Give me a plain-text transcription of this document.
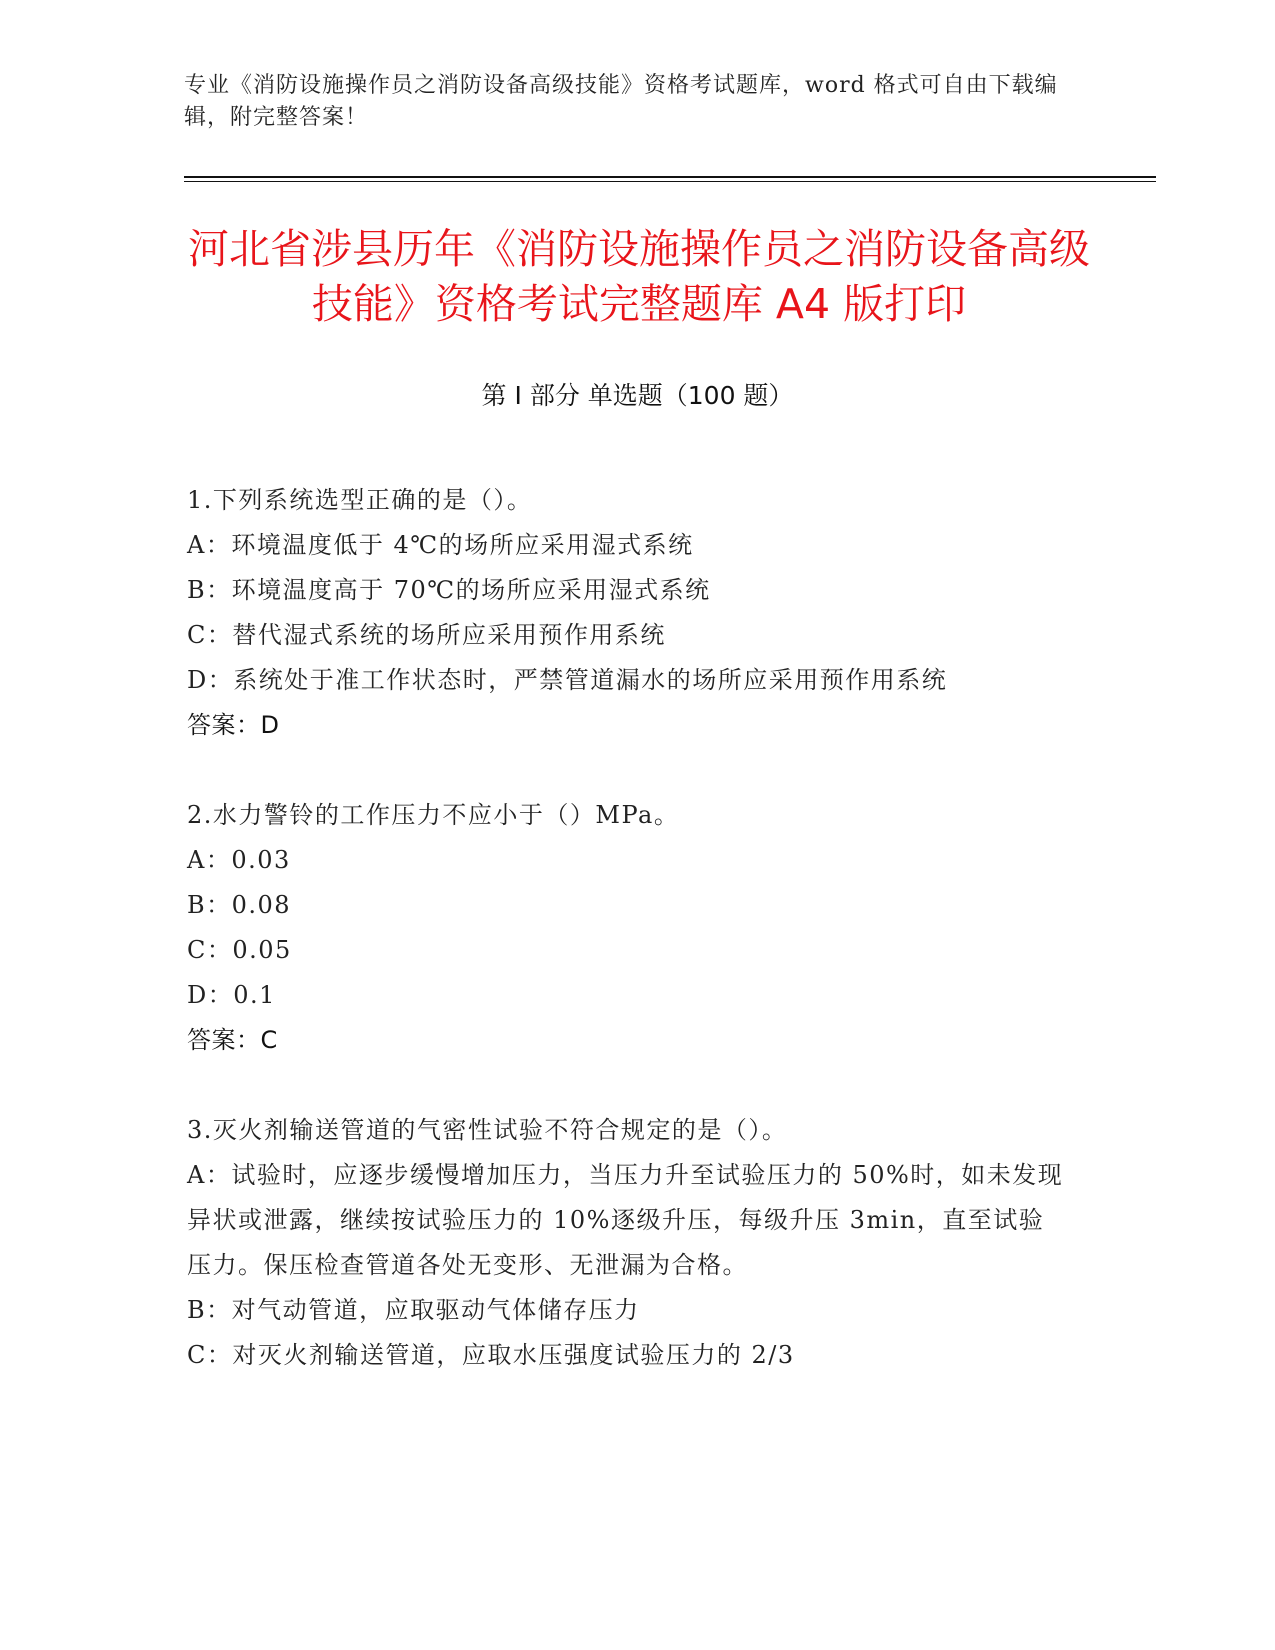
专业《消防设施操作员之消防设备高级技能》资格考试题库，word 格式可自由下载编辑，附完整答案！
河北省涉县历年《消防设施操作员之消防设备高级技能》资格考试完整题库 A4 版打印
第 I 部分 单选题（100 题）
1.下列系统选型正确的是（）。
A：环境温度低于 4℃的场所应采用湿式系统
B：环境温度高于 70℃的场所应采用湿式系统
C：替代湿式系统的场所应采用预作用系统
D：系统处于准工作状态时，严禁管道漏水的场所应采用预作用系统
答案：D
2.水力警铃的工作压力不应小于（）MPa。
A：0.03
B：0.08
C：0.05
D：0.1
答案：C
3.灭火剂输送管道的气密性试验不符合规定的是（）。
A：试验时，应逐步缓慢增加压力，当压力升至试验压力的 50%时，如未发现异状或泄露，继续按试验压力的 10%逐级升压，每级升压 3min，直至试验压力。保压检查管道各处无变形、无泄漏为合格。
B：对气动管道，应取驱动气体储存压力
C：对灭火剂输送管道，应取水压强度试验压力的 2/3
